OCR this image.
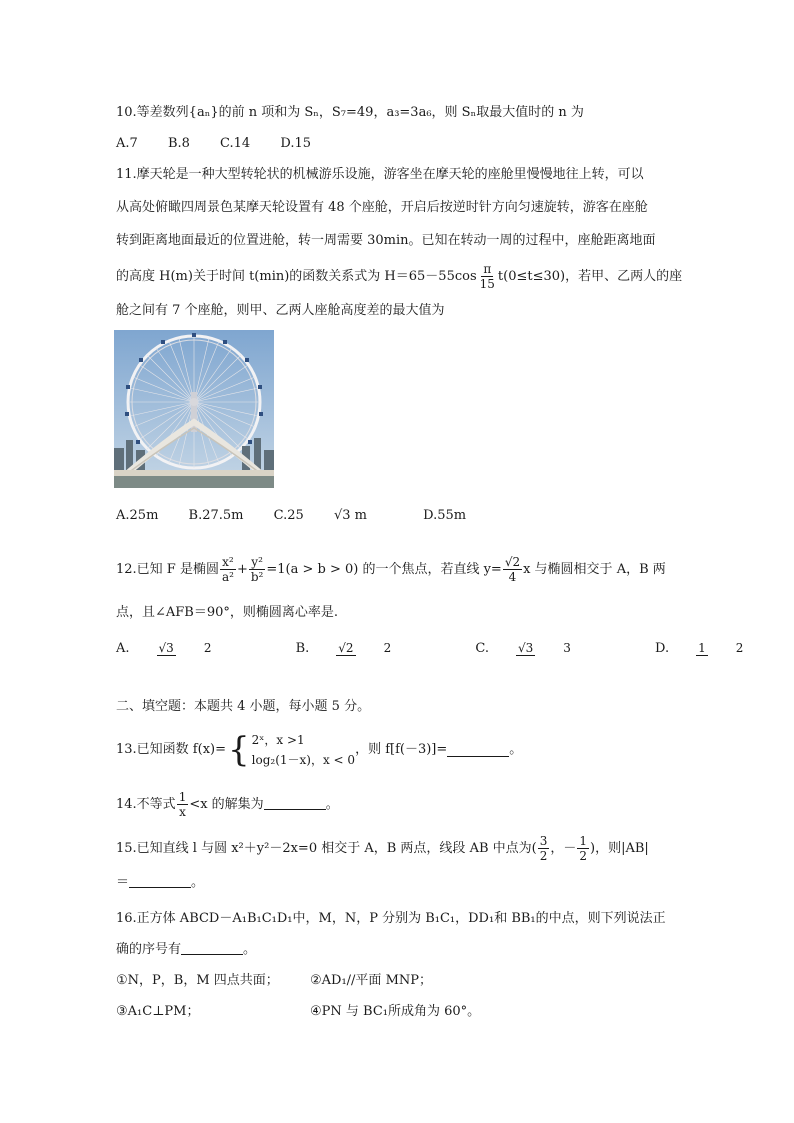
10.等差数列{aₙ}的前 n 项和为 Sₙ，S₇=49，a₃=3a₆，则 Sₙ取最大值时的 n 为
A.7 B.8 C.14 D.15
11.摩天轮是一种大型转轮状的机械游乐设施，游客坐在摩天轮的座舱里慢慢地往上转，可以
从高处俯瞰四周景色某摩天轮设置有 48 个座舱，开启后按逆时针方向匀速旋转，游客在座舱
转到距离地面最近的位置进舱，转一周需要 30min。已知在转动一周的过程中，座舱距离地面
的高度 H(m)关于时间 t(min)的函数关系式为 $H=65-55\cos \frac{\pi}{15} t(0\le t\le 30)$，若甲、乙两人的座
舱之间有 7 个座舱，则甲、乙两人座舱高度差的最大值为
A.25m B.27.5m C.25 √3 m	D.55m
12.已知 F 是椭圆 $\frac{\text{x²}}{\text{a²}} + \frac{\text{y²}}{\text{b²}} =1(a > b > 0)$ 的一个焦点，若直线 $y= \frac{√2}{4}$ x 与椭圆相交于 A，B 两
点，且∠AFB＝90°，则椭圆离心率是.
A. √3	2	B. √2	2	C. √3	3	D. 1	2
二、填空题：本题共 4 小题，每小题 5 分。
13.已知函数 f(x)= { 2ˣ，x >1
log₂(1－x)，x < 0
，则 f[f(－3)]=	。
14.不等式 $\frac{1}{x} <x$ 的解集为	。
15.已知直线 l 与圆 x²＋y²－2x=0 相交于 A，B 两点，线段 AB 中点为( $\frac{3}{2}$ ，－ $\frac{1}{2}$ )，则|AB|
＝	。
16.正方体 ABCD－A₁B₁C₁D₁中，M，N，P 分别为 B₁C₁，DD₁和 BB₁的中点，则下列说法正
确的序号有	。
①N，P，B，M 四点共面； ②AD₁//平面 MNP；
③A₁C⊥PM；	④PN 与 BC₁所成角为 60°。
